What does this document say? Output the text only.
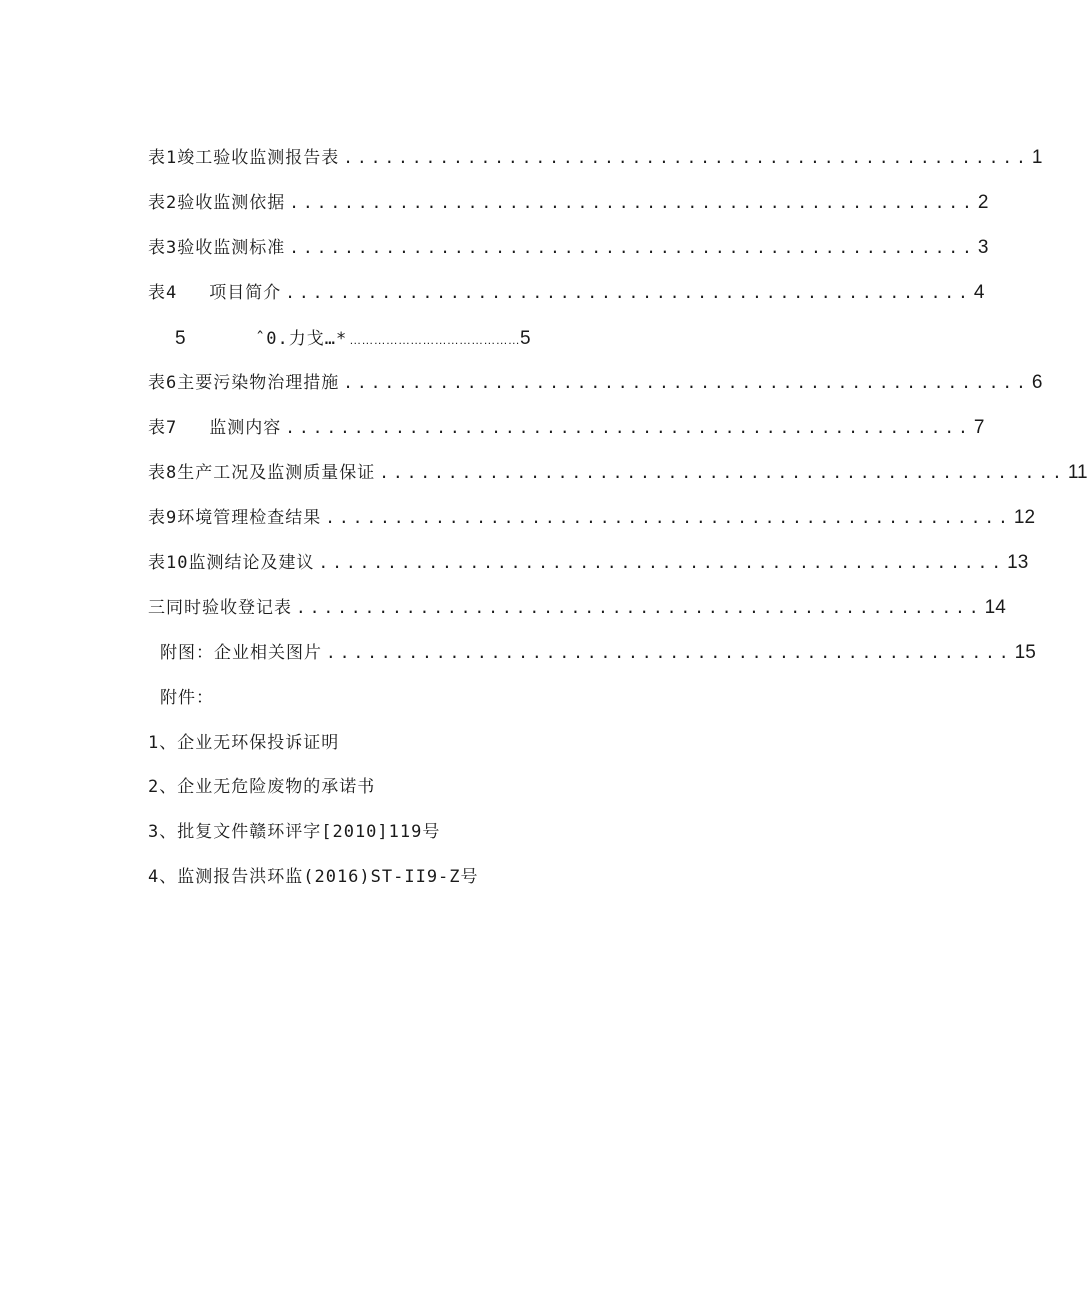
表1竣工验收监测报告表 .................................................. 1
表2验收监测依据 .................................................. 2
表3验收监测标准 .................................................. 3
表4 项目简介 .................................................. 4
5	ˆ0.力戈…* …………………………………… 5
表6主要污染物治理措施 .................................................. 6
表7 监测内容 .................................................. 7
表8生产工况及监测质量保证 .................................................. 11
表9环境管理检查结果 .................................................. 12
表10监测结论及建议 .................................................. 13
三同时验收登记表 .................................................. 14
附图：企业相关图片 .................................................. 15
附件：
1、企业无环保投诉证明
2、企业无危险废物的承诺书
3、批复文件赣环评字[2010]119号
4、监测报告洪环监(2016)ST-II9-Z号
